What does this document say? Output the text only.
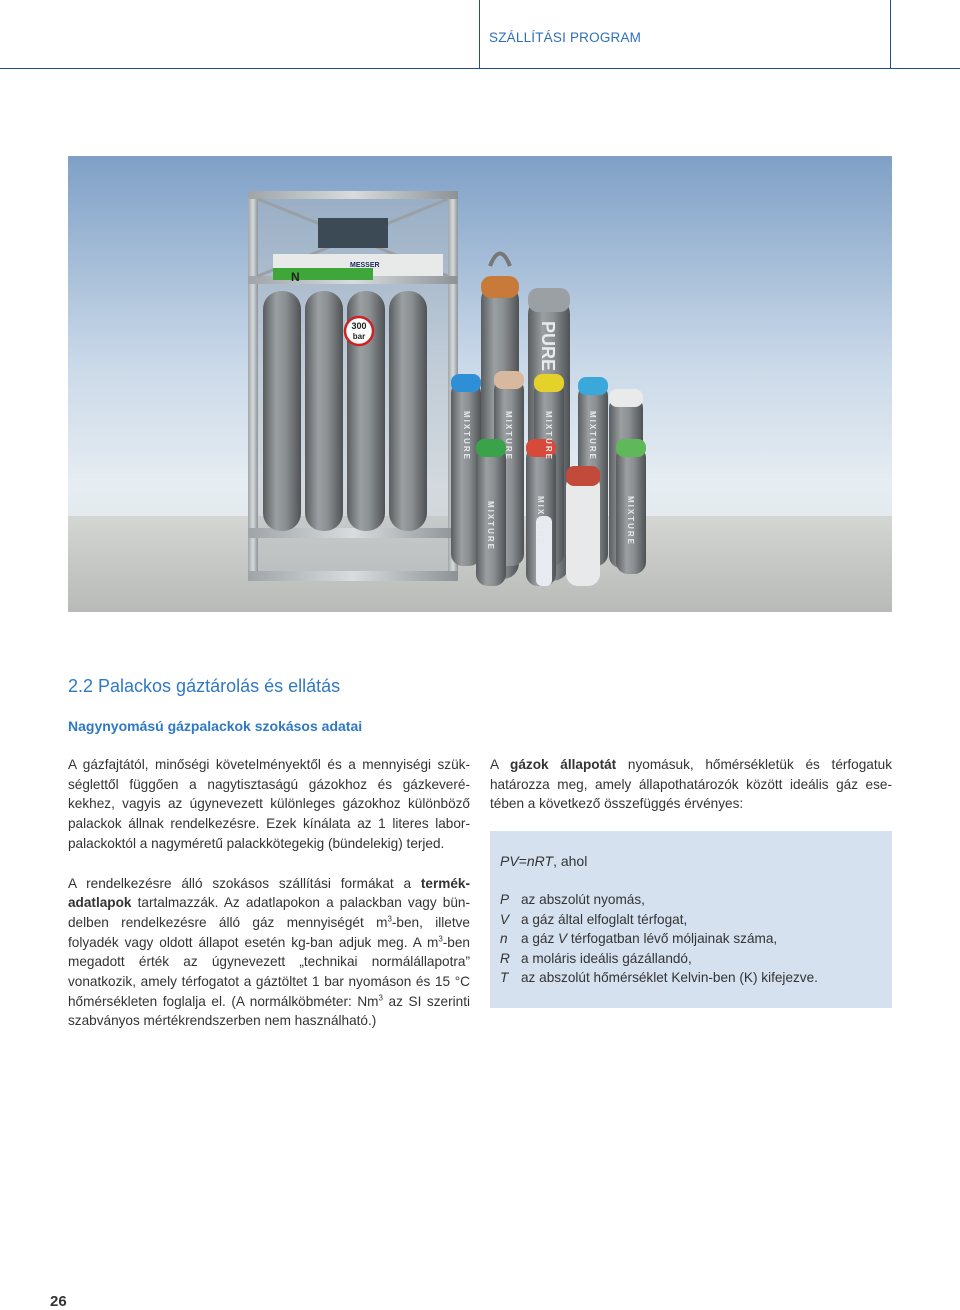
SZÁLLÍTÁSI PROGRAM
N
MESSER
300
bar	PURE
MIXTURE	MIXTURE	MIXTURE	MIXTURE
MIXTURE	MIXTURE	MIXTURE
2.2 Palackos gáztárolás és ellátás
Nagynyomású gázpalackok szokásos adatai

A gázfajtától, minőségi követelményektől és a mennyiségi szükséglettől függően a nagytisztaságú gázokhoz és gázkeverékekhez, vagyis az úgynevezett különleges gázokhoz különböző palackok állnak rendelkezésre. Ezek kínálata az 1 literes laborpalackoktól a nagyméretű palackkötegekig (bündelekig) terjed.

A rendelkezésre álló szokásos szállítási formákat a termékadatlapok tartalmazzák. Az adatlapokon a palackban vagy bündelben rendelkezésre álló gáz mennyiségét $m^3$-ben, illetve folyadék vagy oldott állapot esetén kg-ban adjuk meg. A $m^3$-ben megadott érték az úgynevezett „technikai normálállapotra” vonatkozik, amely térfogatot a gáztöltet 1 bar nyomáson és 15 °C hőmérsékleten foglalja el. (A normálköbméter: Nm$^3$ az SI szerinti szabványos mértékrendszerben nem használható.)

A gázok állapotát nyomásuk, hőmérsékletük és térfogatuk határozza meg, amely állapothatározók között ideális gáz esetében a következő összefüggés érvényes:

PV=nRT, ahol
P az abszolút nyomás,
V a gáz által elfoglalt térfogat,
n a gáz V térfogatban lévő móljainak száma,
R a moláris ideális gázállandó,
T az abszolút hőmérséklet Kelvin-ben (K) kifejezve.
26
